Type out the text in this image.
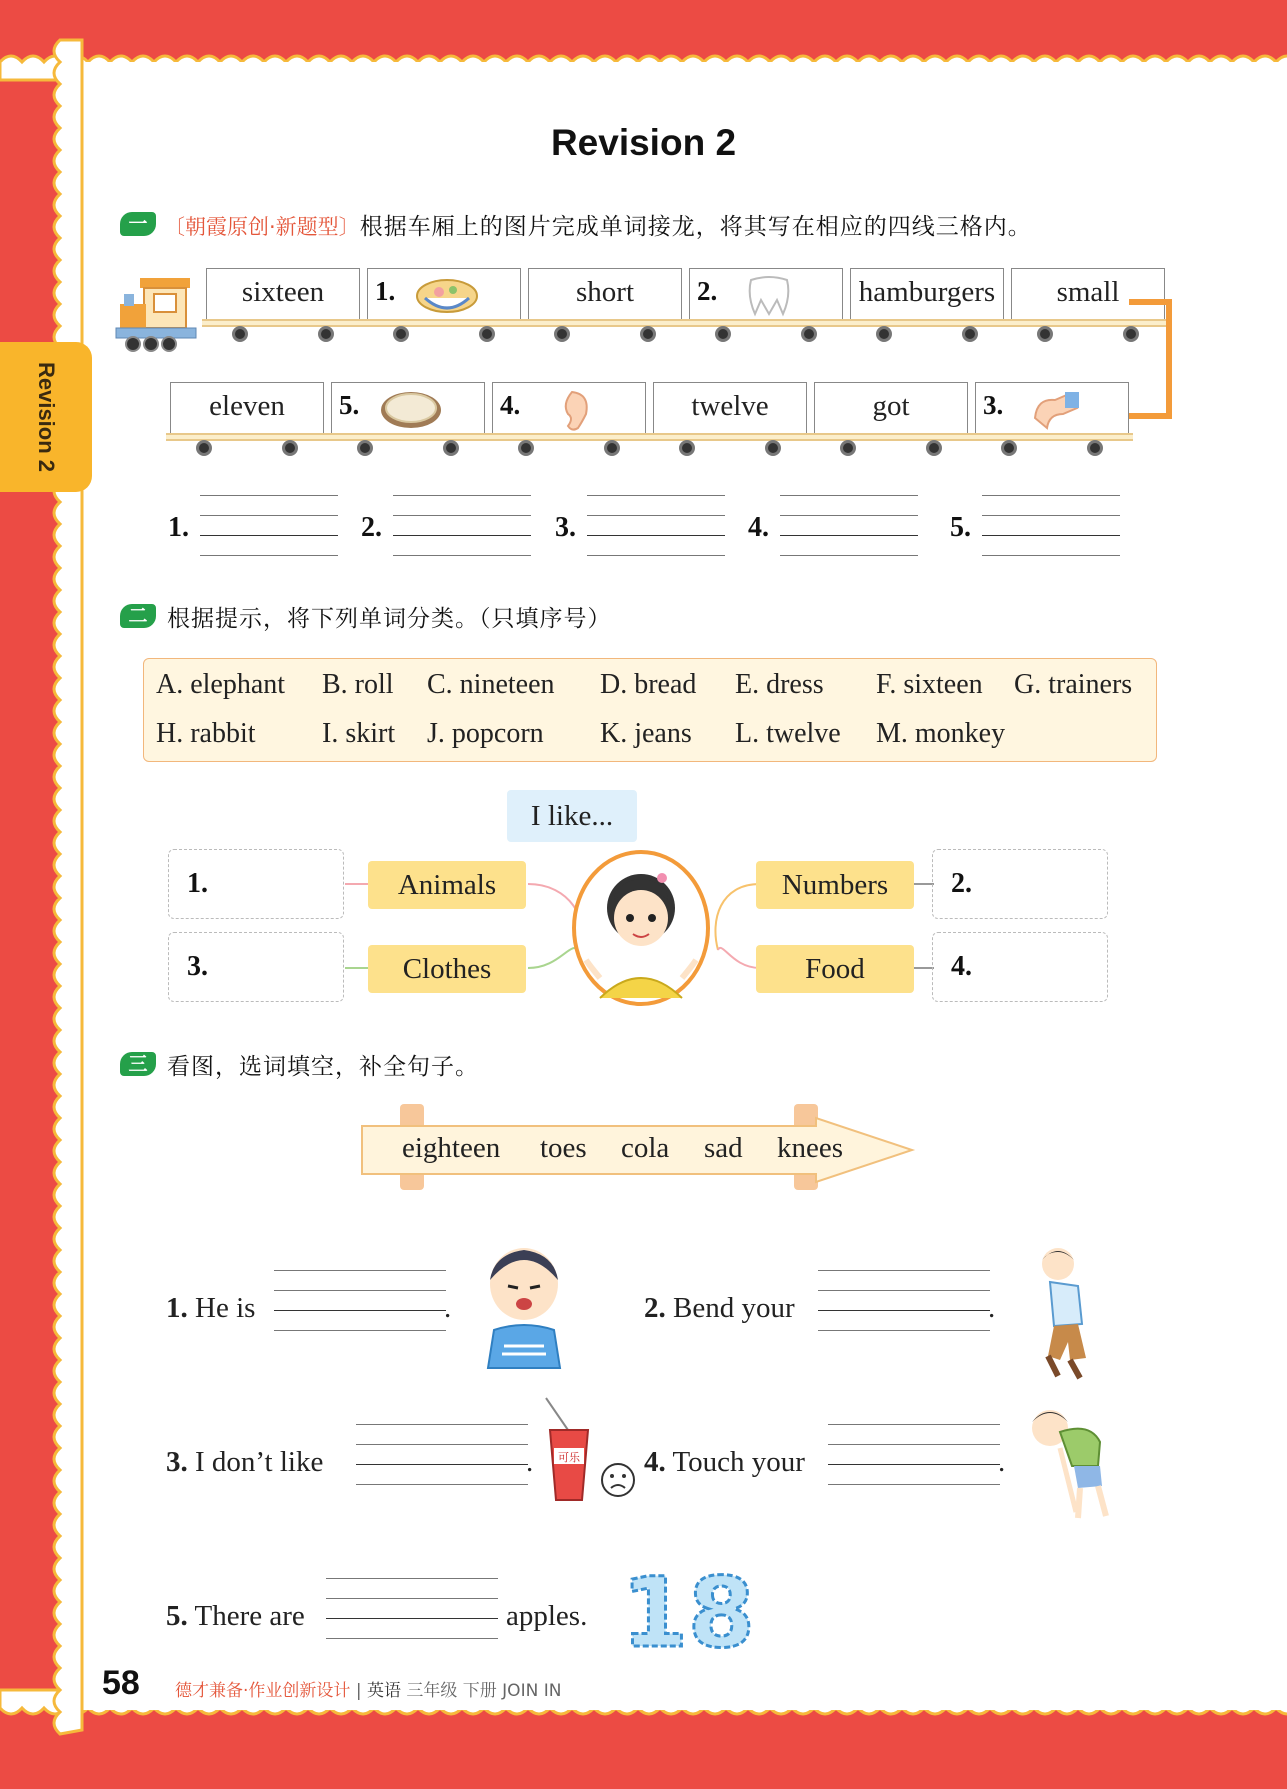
Revision 2
Revision 2
一 〔朝霞原创·新题型〕根据车厢上的图片完成单词接龙，将其写在相应的四线三格内。
sixteen	1.	short	2.	hamburgers	small
eleven	5.	4.	twelve	got	3.
1.	2.	3.	4.	5.
二 根据提示，将下列单词分类。（只填序号）
A. elephant B. roll C. nineteen D. bread E. dress F. sixteen G. trainers
H. rabbit I. skirt J. popcorn K. jeans L. twelve M. monkey
I like...
1.
3.
2.
4.
Animals
Clothes
Numbers
Food
三 看图，选词填空，补全句子。
eighteen toes cola sad knees
1. He is	.	2. Bend your	.
3. I don’t like	.	4. Touch your	.
5. There are	apples.
可乐
18
58 德才兼备·作业创新设计 | 英语 三年级 下册 JOIN IN
